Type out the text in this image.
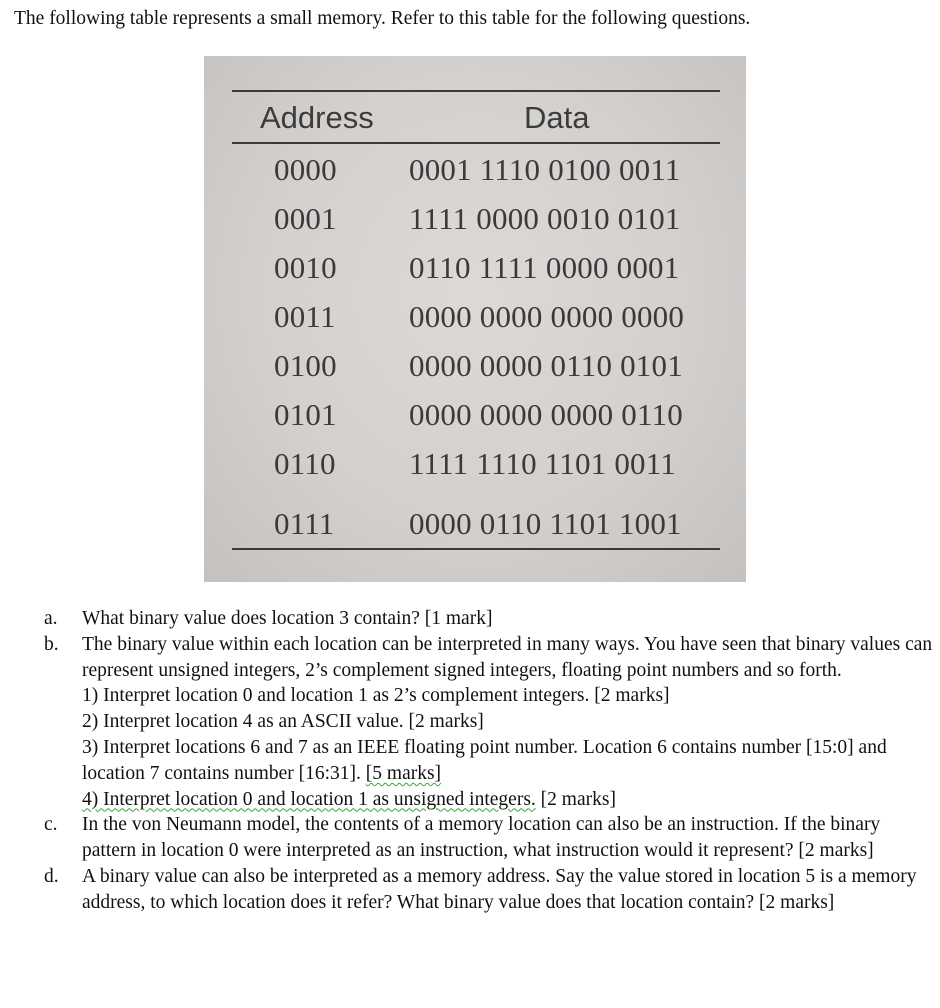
The following table represents a small memory. Refer to this table for the following questions.
Address	Data
0000 0001 1110 0100 0011
0001 1111 0000 0010 0101
0010 0110 1111 0000 0001
0011 0000 0000 0000 0000
0100 0000 0000 0110 0101
0101 0000 0000 0000 0110
0110 1111 1110 1101 0011
0111 0000 0110 1101 1001
a. What binary value does location 3 contain? [1 mark]
b. The binary value within each location can be interpreted in many ways. You have seen that binary values can represent unsigned integers, 2’s complement signed integers, floating point numbers and so forth.
1) Interpret location 0 and location 1 as 2’s complement integers. [2 marks]
2) Interpret location 4 as an ASCII value. [2 marks]
3) Interpret locations 6 and 7 as an IEEE floating point number. Location 6 contains number [15:0] and location 7 contains number [16:31]. [5 marks]
4) Interpret location 0 and location 1 as unsigned integers. [2 marks]
c. In the von Neumann model, the contents of a memory location can also be an instruction. If the binary pattern in location 0 were interpreted as an instruction, what instruction would it represent? [2 marks]
d. A binary value can also be interpreted as a memory address. Say the value stored in location 5 is a memory address, to which location does it refer? What binary value does that location contain? [2 marks]
